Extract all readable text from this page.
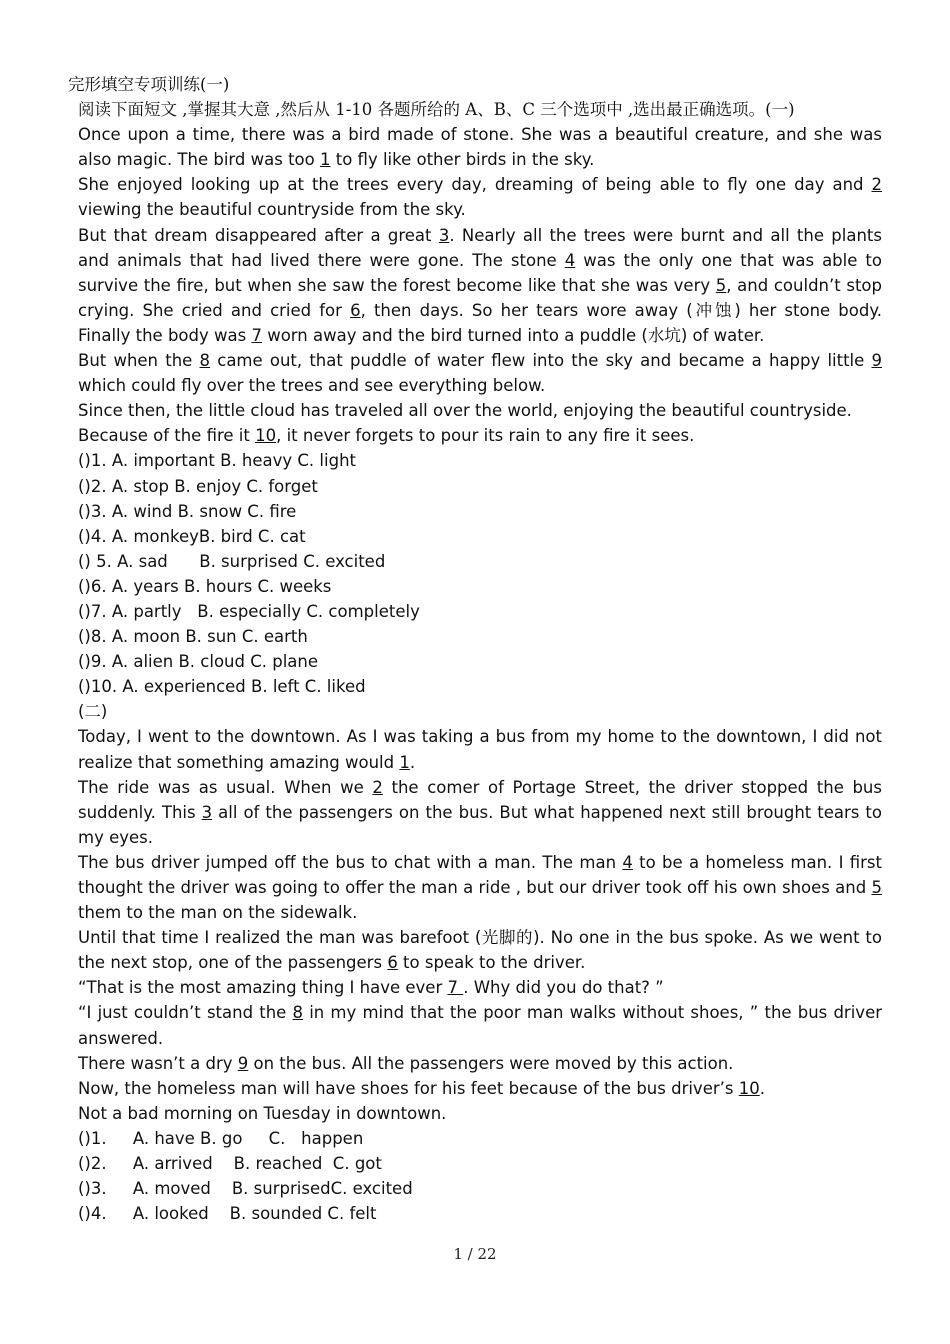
完形填空专项训练(一)
阅读下面短文 ,掌握其大意 ,然后从 1-10 各题所给的 A、B、C 三个选项中 ,选出最正确选项。(一)
Once upon a time, there was a bird made of stone. She was a beautiful creature, and she was also magic. The bird was too 1 to fly like other birds in the sky.
She enjoyed looking up at the trees every day, dreaming of being able to fly one day and 2 viewing the beautiful countryside from the sky.
But that dream disappeared after a great 3. Nearly all the trees were burnt and all the plants and animals that had lived there were gone. The stone 4 was the only one that was able to survive the fire, but when she saw the forest become like that she was very 5, and couldn’t stop crying. She cried and cried for 6, then days. So her tears wore away (冲蚀) her stone body. Finally the body was 7 worn away and the bird turned into a puddle (水坑) of water.
But when the 8 came out, that puddle of water flew into the sky and became a happy little 9 which could fly over the trees and see everything below.
Since then, the little cloud has traveled all over the world, enjoying the beautiful countryside.
Because of the fire it 10, it never forgets to pour its rain to any fire it sees.
()1. A. important B. heavy C. light
()2. A. stop B. enjoy C. forget
()3. A. wind B. snow C. fire
()4. A. monkeyB. bird C. cat
() 5. A. sad      B. surprised C. excited
()6. A. years B. hours C. weeks
()7. A. partly   B. especially C. completely
()8. A. moon B. sun C. earth
()9. A. alien B. cloud C. plane
()10. A. experienced B. left C. liked
(二)
Today, I went to the downtown. As I was taking a bus from my home to the downtown, I did not realize that something amazing would 1.
The ride was as usual. When we 2 the comer of Portage Street, the driver stopped the bus suddenly. This 3 all of the passengers on the bus. But what happened next still brought tears to my eyes.
The bus driver jumped off the bus to chat with a man. The man 4 to be a homeless man. I first thought the driver was going to offer the man a ride , but our driver took off his own shoes and 5 them to the man on the sidewalk.
Until that time I realized the man was barefoot (光脚的). No one in the bus spoke. As we went to the next stop, one of the passengers 6 to speak to the driver.
“That is the most amazing thing I have ever 7 . Why did you do that? ”
“I just couldn’t stand the 8 in my mind that the poor man walks without shoes, ” the bus driver answered.
There wasn’t a dry 9 on the bus. All the passengers were moved by this action.
Now, the homeless man will have shoes for his feet because of the bus driver’s 10.
Not a bad morning on Tuesday in downtown.
()1.     A. have B. go     C.   happen
()2.     A. arrived    B. reached  C. got
()3.     A. moved    B. surprisedC. excited
()4.     A. looked    B. sounded C. felt
1 / 22
